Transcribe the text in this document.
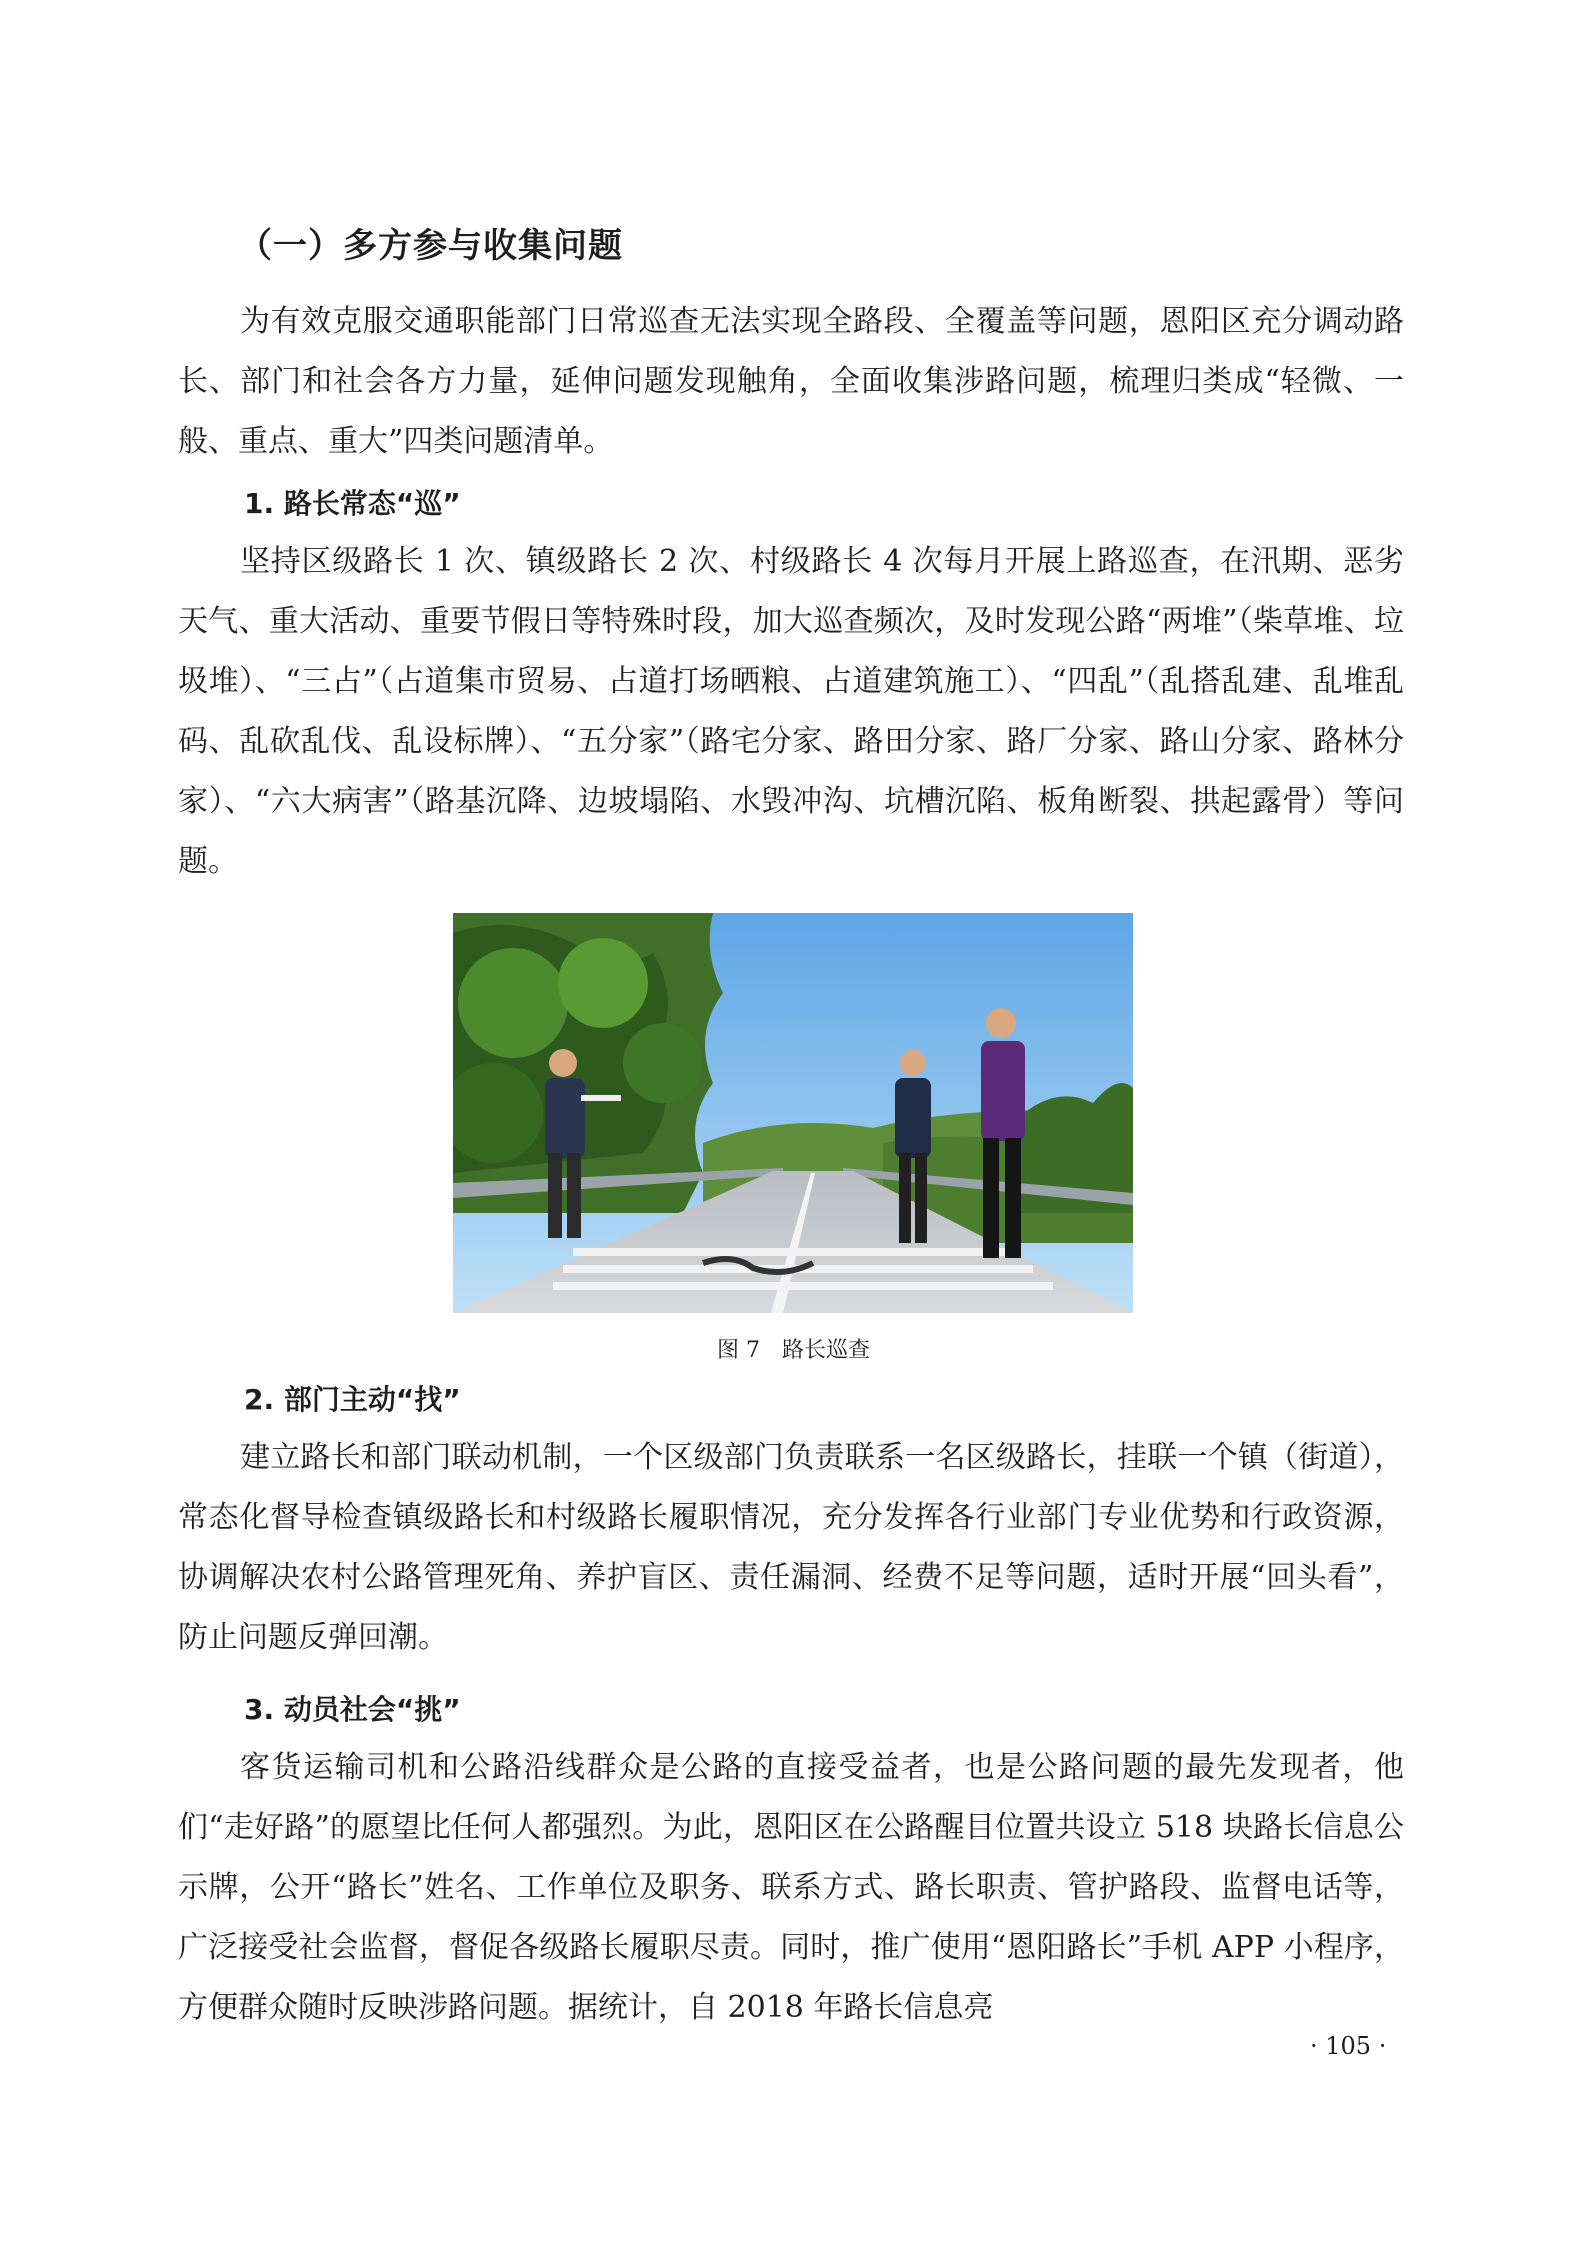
（一）多方参与收集问题

为有效克服交通职能部门日常巡查无法实现全路段、全覆盖等问题，恩阳区充分调动路长、部门和社会各方力量，延伸问题发现触角，全面收集涉路问题，梳理归类成“轻微、一般、重点、重大”四类问题清单。

1. 路长常态“巡”

坚持区级路长 1 次、镇级路长 2 次、村级路长 4 次每月开展上路巡查，在汛期、恶劣天气、重大活动、重要节假日等特殊时段，加大巡查频次，及时发现公路“两堆”（柴草堆、垃圾堆）、“三占”（占道集市贸易、占道打场晒粮、占道建筑施工）、“四乱”（乱搭乱建、乱堆乱码、乱砍乱伐、乱设标牌）、“五分家”（路宅分家、路田分家、路厂分家、路山分家、路林分家）、“六大病害”（路基沉降、边坡塌陷、水毁冲沟、坑槽沉陷、板角断裂、拱起露骨）等问题。

图 7　路长巡查
2. 部门主动“找”

建立路长和部门联动机制，一个区级部门负责联系一名区级路长，挂联一个镇（街道），常态化督导检查镇级路长和村级路长履职情况，充分发挥各行业部门专业优势和行政资源，协调解决农村公路管理死角、养护盲区、责任漏洞、经费不足等问题，适时开展“回头看”，防止问题反弹回潮。

3. 动员社会“挑”

客货运输司机和公路沿线群众是公路的直接受益者，也是公路问题的最先发现者，他们“走好路”的愿望比任何人都强烈。为此，恩阳区在公路醒目位置共设立 518 块路长信息公示牌，公开“路长”姓名、工作单位及职务、联系方式、路长职责、管护路段、监督电话等，广泛接受社会监督，督促各级路长履职尽责。同时，推广使用“恩阳路长”手机 APP 小程序，方便群众随时反映涉路问题。据统计，自 2018 年路长信息亮

· 105 ·
